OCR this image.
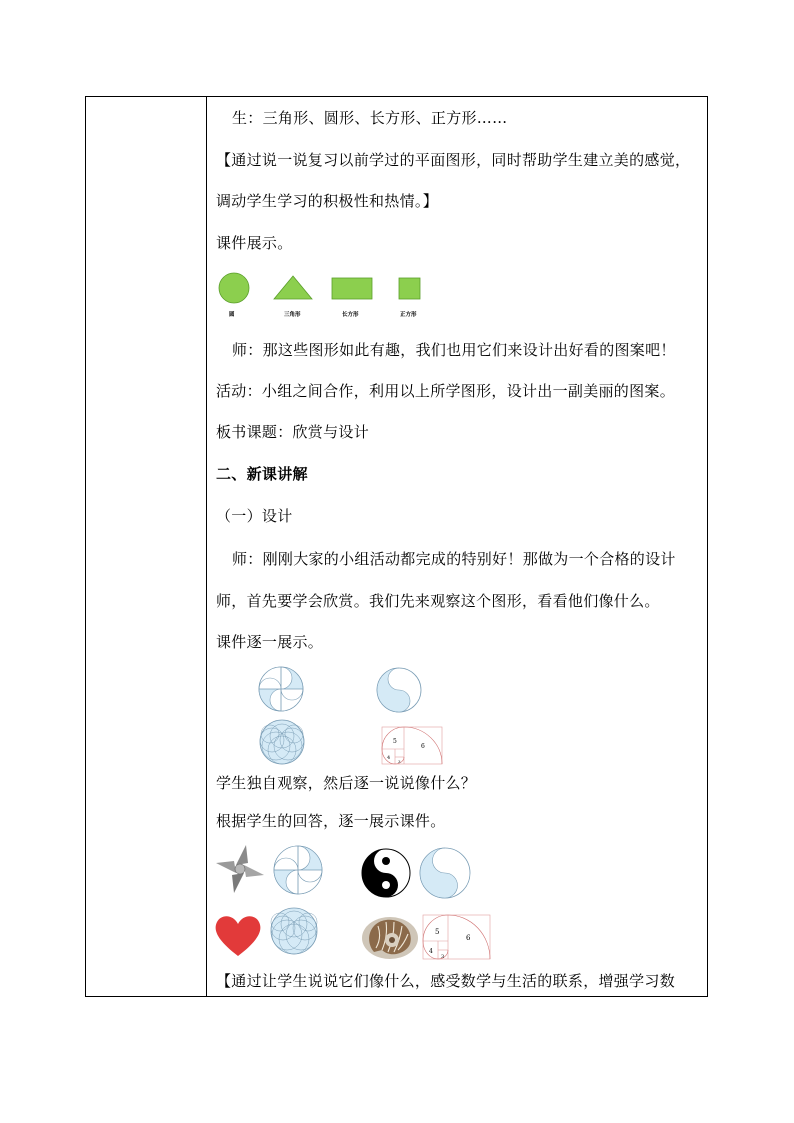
生：三角形、圆形、长方形、正方形……
【通过说一说复习以前学过的平面图形，同时帮助学生建立美的感觉，
调动学生学习的积极性和热情。】
课件展示。
圆	三角形	长方形	正方形
师：那这些图形如此有趣，我们也用它们来设计出好看的图案吧！
活动：小组之间合作，利用以上所学图形，设计出一副美丽的图案。
板书课题：欣赏与设计
二、新课讲解
（一）设计
师：刚刚大家的小组活动都完成的特别好！那做为一个合格的设计
师，首先要学会欣赏。我们先来观察这个图形，看看他们像什么。
课件逐一展示。
5
6
4
3
学生独自观察，然后逐一说说像什么？
根据学生的回答，逐一展示课件。
5
6
4
3
【通过让学生说说它们像什么，感受数学与生活的联系，增强学习数
